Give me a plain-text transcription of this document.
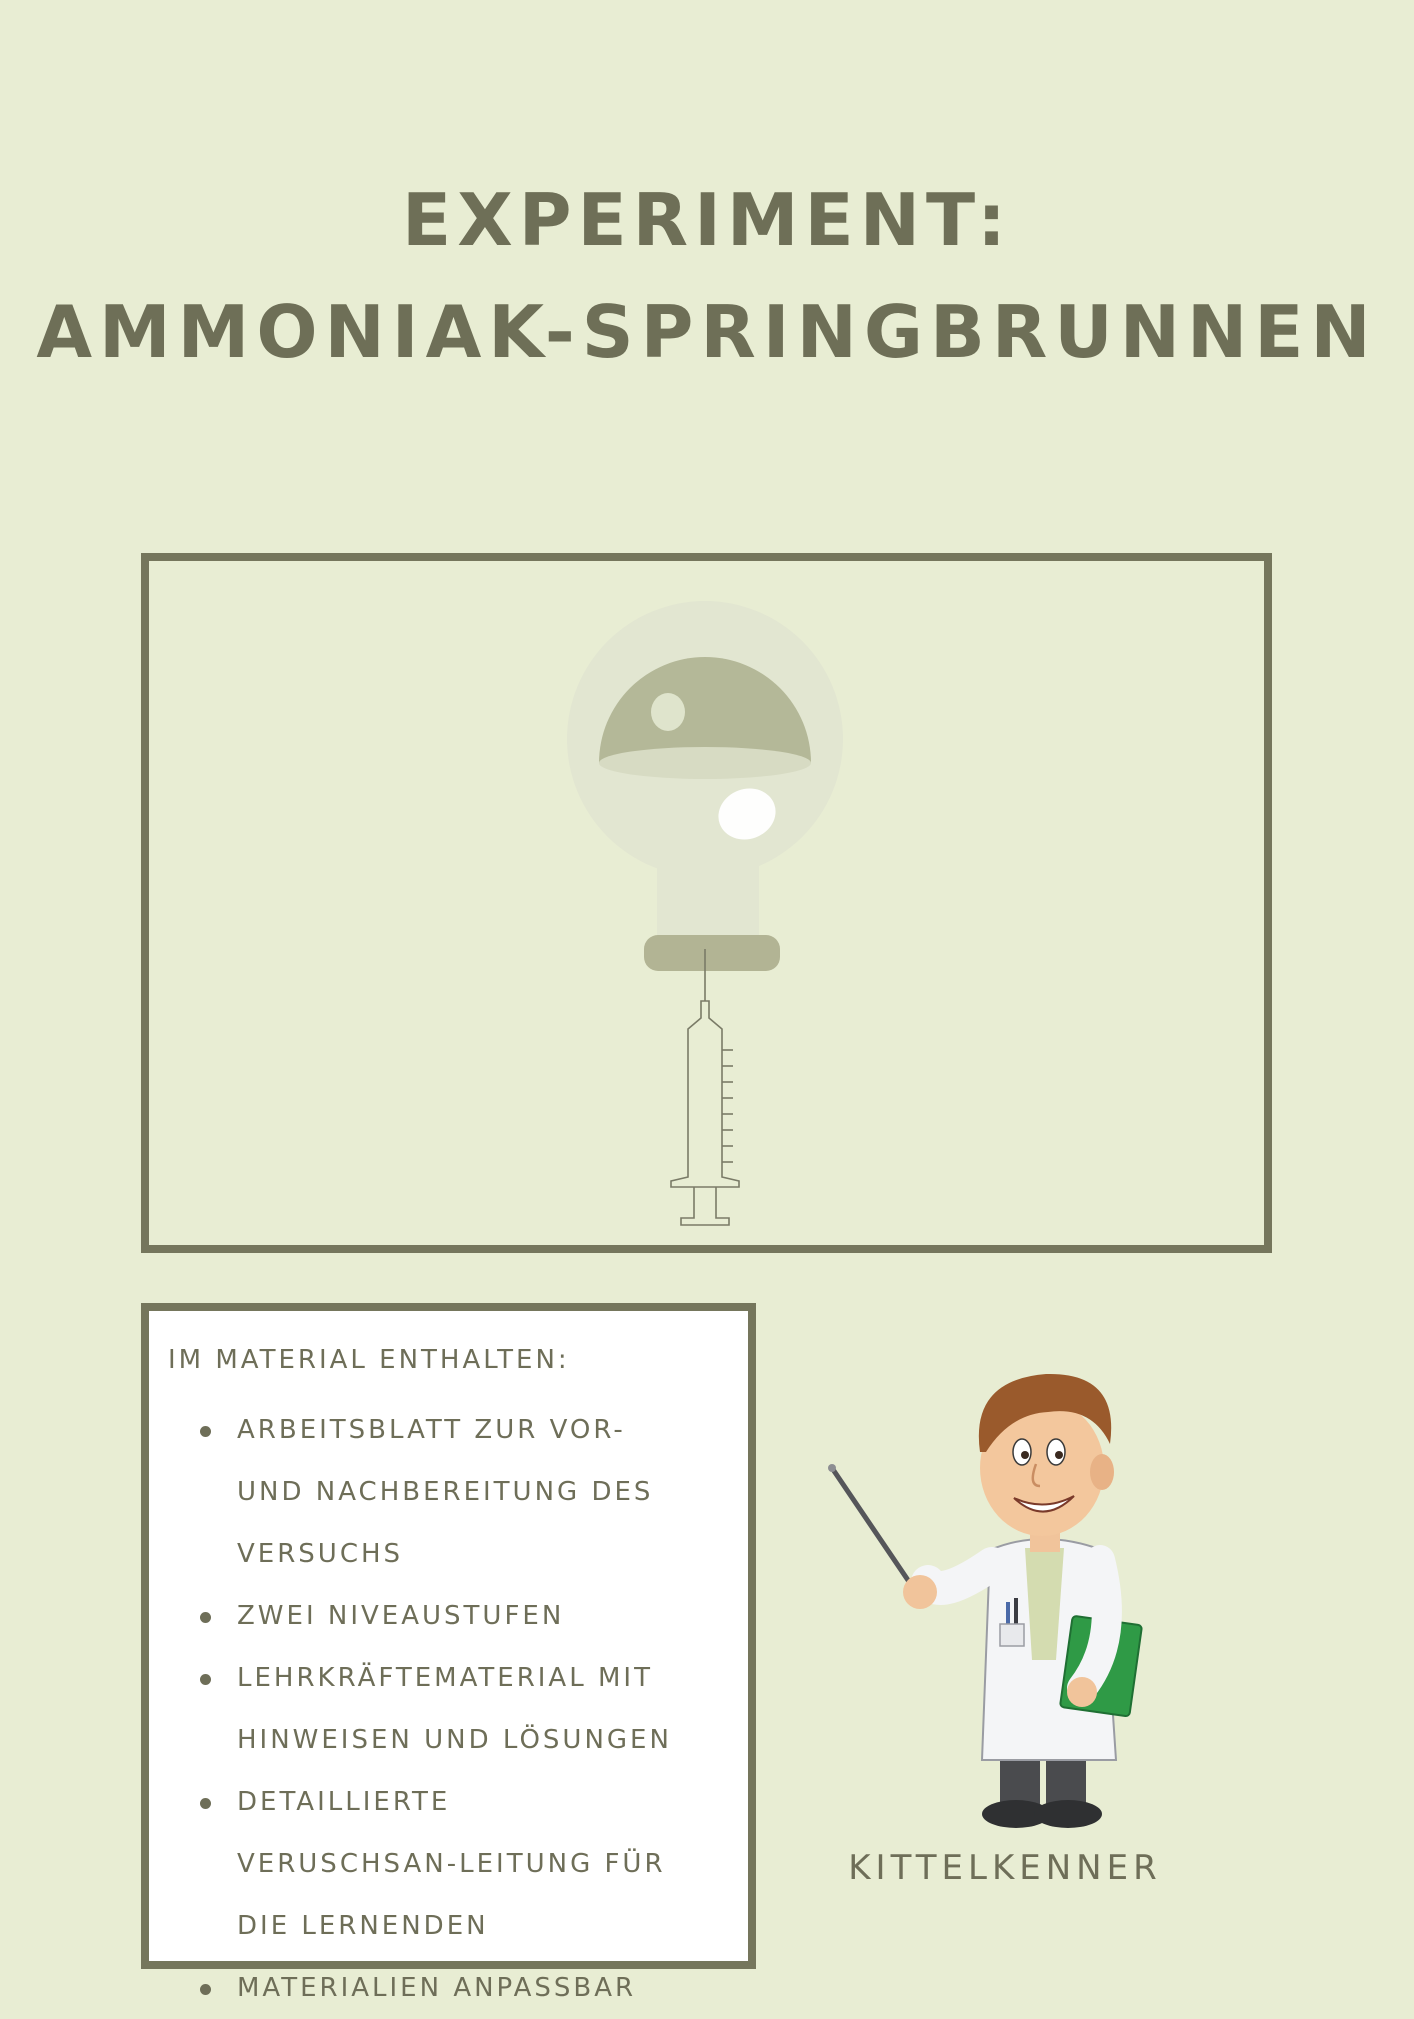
EXPERIMENT:
AMMONIAK-SPRINGBRUNNEN
IM MATERIAL ENTHALTEN:
ARBEITSBLATT ZUR VOR- UND NACHBEREITUNG DES VERSUCHS
ZWEI NIVEAUSTUFEN
LEHRKRÄFTEMATERIAL MIT HINWEISEN UND LÖSUNGEN
DETAILLIERTE VERUSCHSAN-LEITUNG FÜR DIE LERNENDEN
MATERIALIEN ANPASSBAR
KITTELKENNER
